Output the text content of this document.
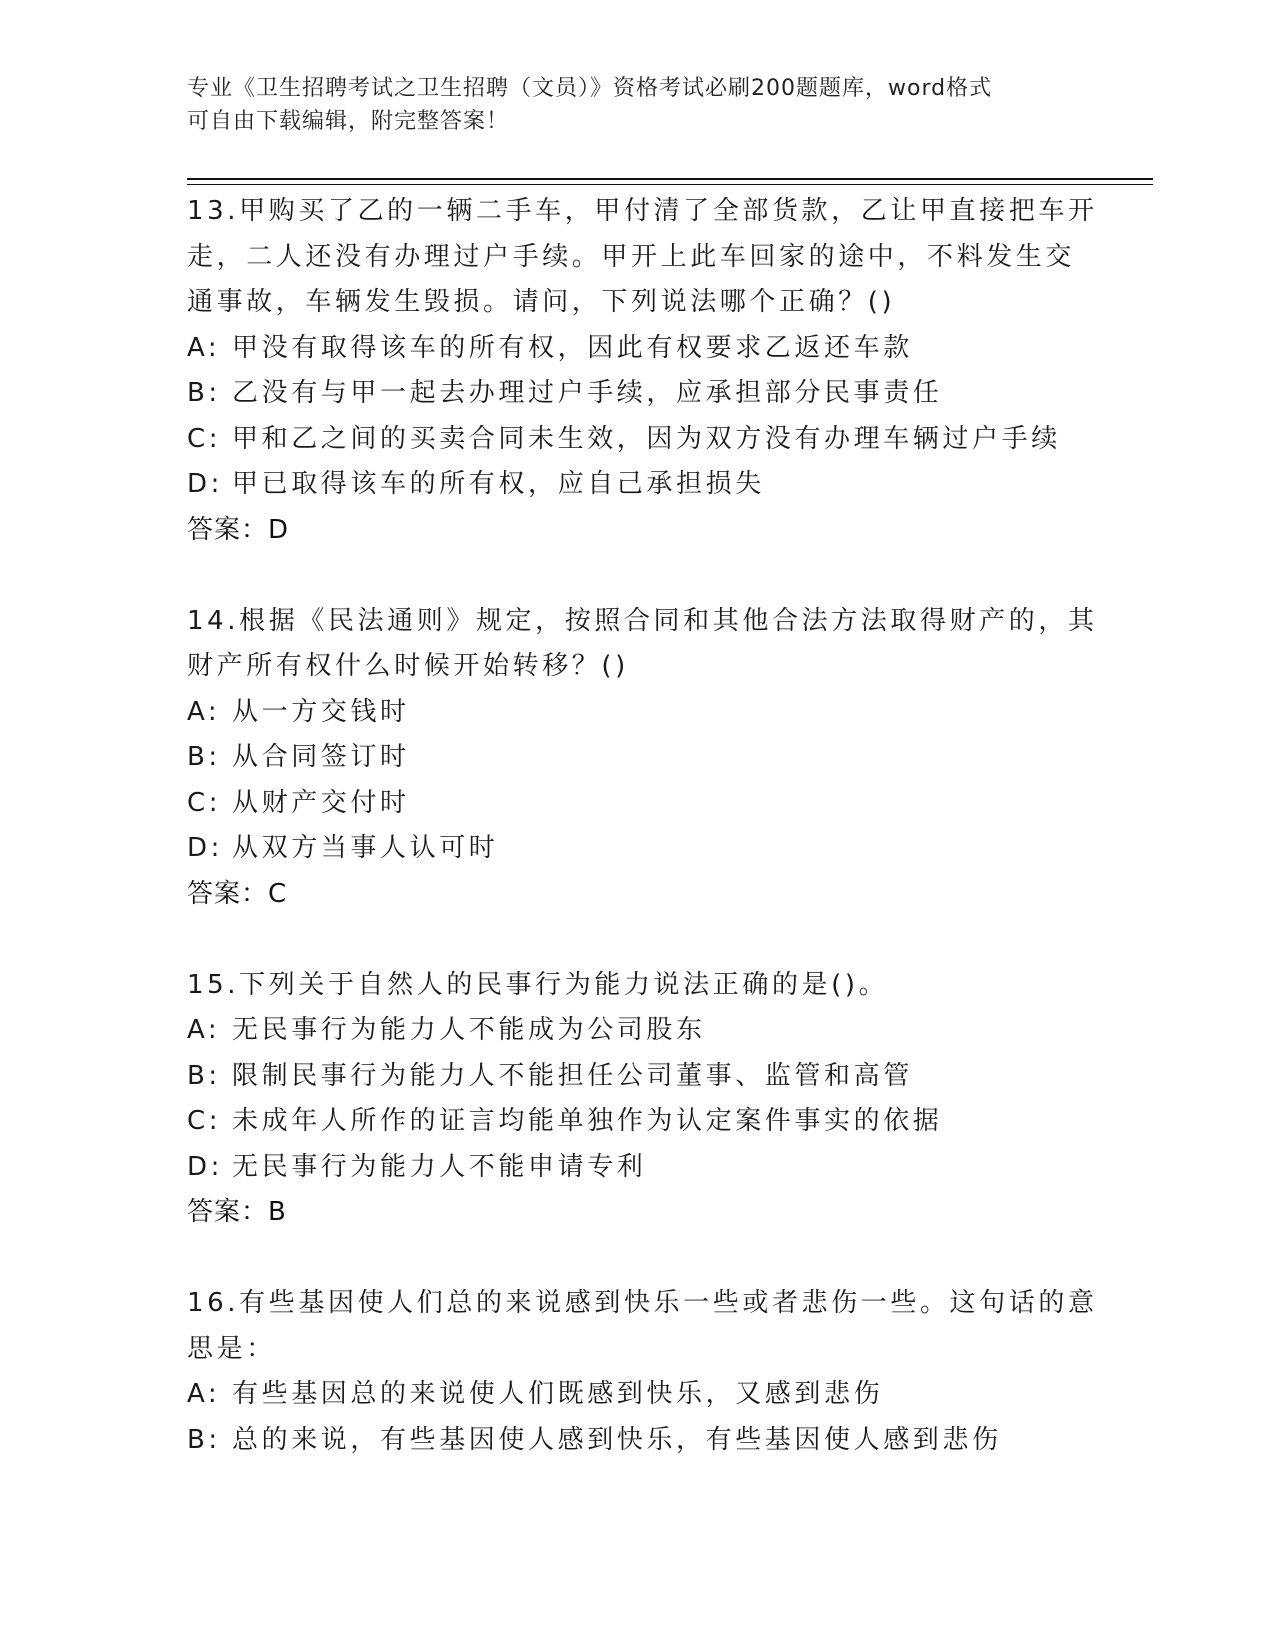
专业《卫生招聘考试之卫生招聘（文员）》资格考试必刷200题题库，word格式
可自由下载编辑，附完整答案！
13.甲购买了乙的一辆二手车，甲付清了全部货款，乙让甲直接把车开
走，二人还没有办理过户手续。甲开上此车回家的途中，不料发生交
通事故，车辆发生毁损。请问，下列说法哪个正确？()
A: 甲没有取得该车的所有权，因此有权要求乙返还车款
B: 乙没有与甲一起去办理过户手续，应承担部分民事责任
C: 甲和乙之间的买卖合同未生效，因为双方没有办理车辆过户手续
D: 甲已取得该车的所有权，应自己承担损失
答案：D
14.根据《民法通则》规定，按照合同和其他合法方法取得财产的，其
财产所有权什么时候开始转移？()
A: 从一方交钱时
B: 从合同签订时
C: 从财产交付时
D: 从双方当事人认可时
答案：C
15.下列关于自然人的民事行为能力说法正确的是()。
A: 无民事行为能力人不能成为公司股东
B: 限制民事行为能力人不能担任公司董事、监管和高管
C: 未成年人所作的证言均能单独作为认定案件事实的依据
D: 无民事行为能力人不能申请专利
答案：B
16.有些基因使人们总的来说感到快乐一些或者悲伤一些。这句话的意
思是：
A: 有些基因总的来说使人们既感到快乐，又感到悲伤
B: 总的来说，有些基因使人感到快乐，有些基因使人感到悲伤
